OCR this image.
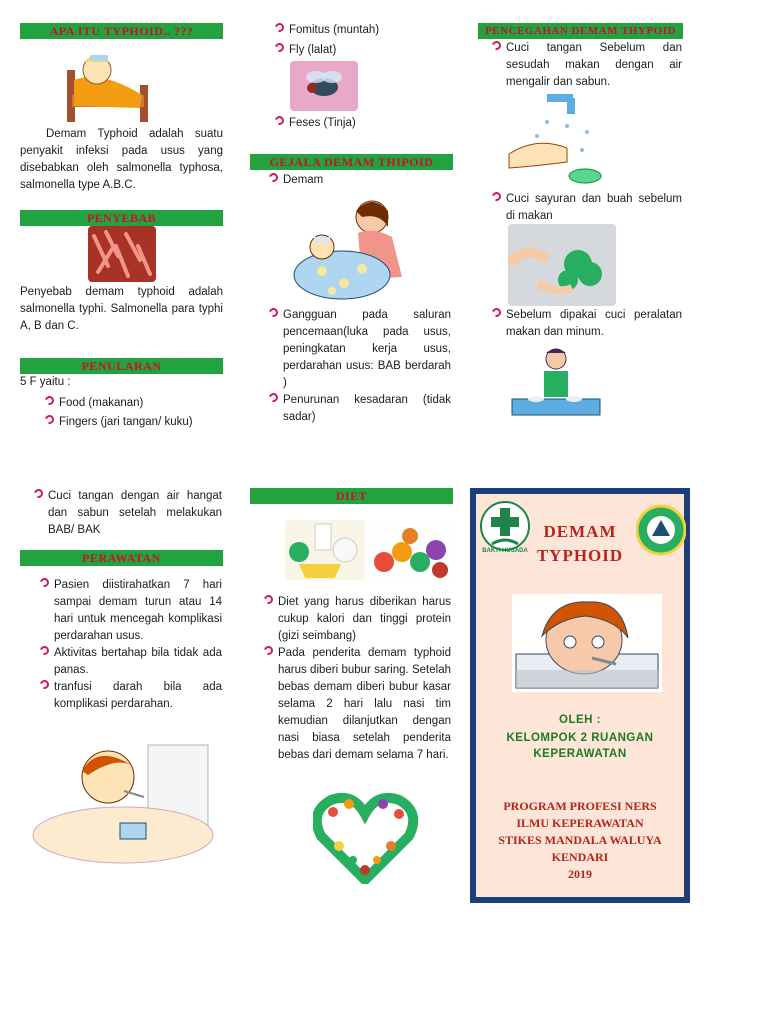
APA ITU TYPHOID.. ???
Demam Typhoid adalah suatu penyakit infeksi pada usus yang disebabkan oleh salmonella typhosa, salmonella type A.B.C.
PENYEBAB
Penyebab demam typhoid adalah salmonella typhi. Salmonella para typhi A, B dan C.
PENULARAN
5 F yaitu :
Food (makanan)
Fingers (jari tangan/ kuku)
Fomitus (muntah)
Fly (lalat)
Feses (Tinja)
GEJALA DEMAM THIPOID
Demam
Gangguan pada saluran pencemaan(luka pada usus, peningkatan kerja usus, perdarahan usus: BAB berdarah )
Penurunan kesadaran (tidak sadar)
PENCEGAHAN DEMAM THYPOID
Cuci tangan Sebelum dan sesudah makan dengan air mengalir dan sabun.
Cuci sayuran dan buah sebelum di makan
Sebelum dipakai cuci peralatan makan dan minum.
Cuci tangan dengan air hangat dan sabun setelah melakukan BAB/ BAK
PERAWATAN
Pasien diistirahatkan 7 hari sampai demam turun atau 14 hari untuk mencegah komplikasi perdarahan usus.
Aktivitas bertahap bila tidak ada panas.
tranfusi darah bila ada komplikasi perdarahan.
DIET
Diet yang harus diberikan harus cukup kalori dan tinggi protein (gizi seimbang)
Pada penderita demam typhoid harus diberi bubur saring. Setelah bebas demam diberi bubur kasar selama 2 hari lalu nasi tim kemudian dilanjutkan dengan nasi biasa setelah penderita bebas dari demam selama 7 hari.
BAKTI HUSADA
DEMAM
TYPHOID
OLEH :
KELOMPOK 2 RUANGAN
KEPERAWATAN
PROGRAM PROFESI NERS
ILMU KEPERAWATAN
STIKES MANDALA WALUYA
KENDARI
2019
